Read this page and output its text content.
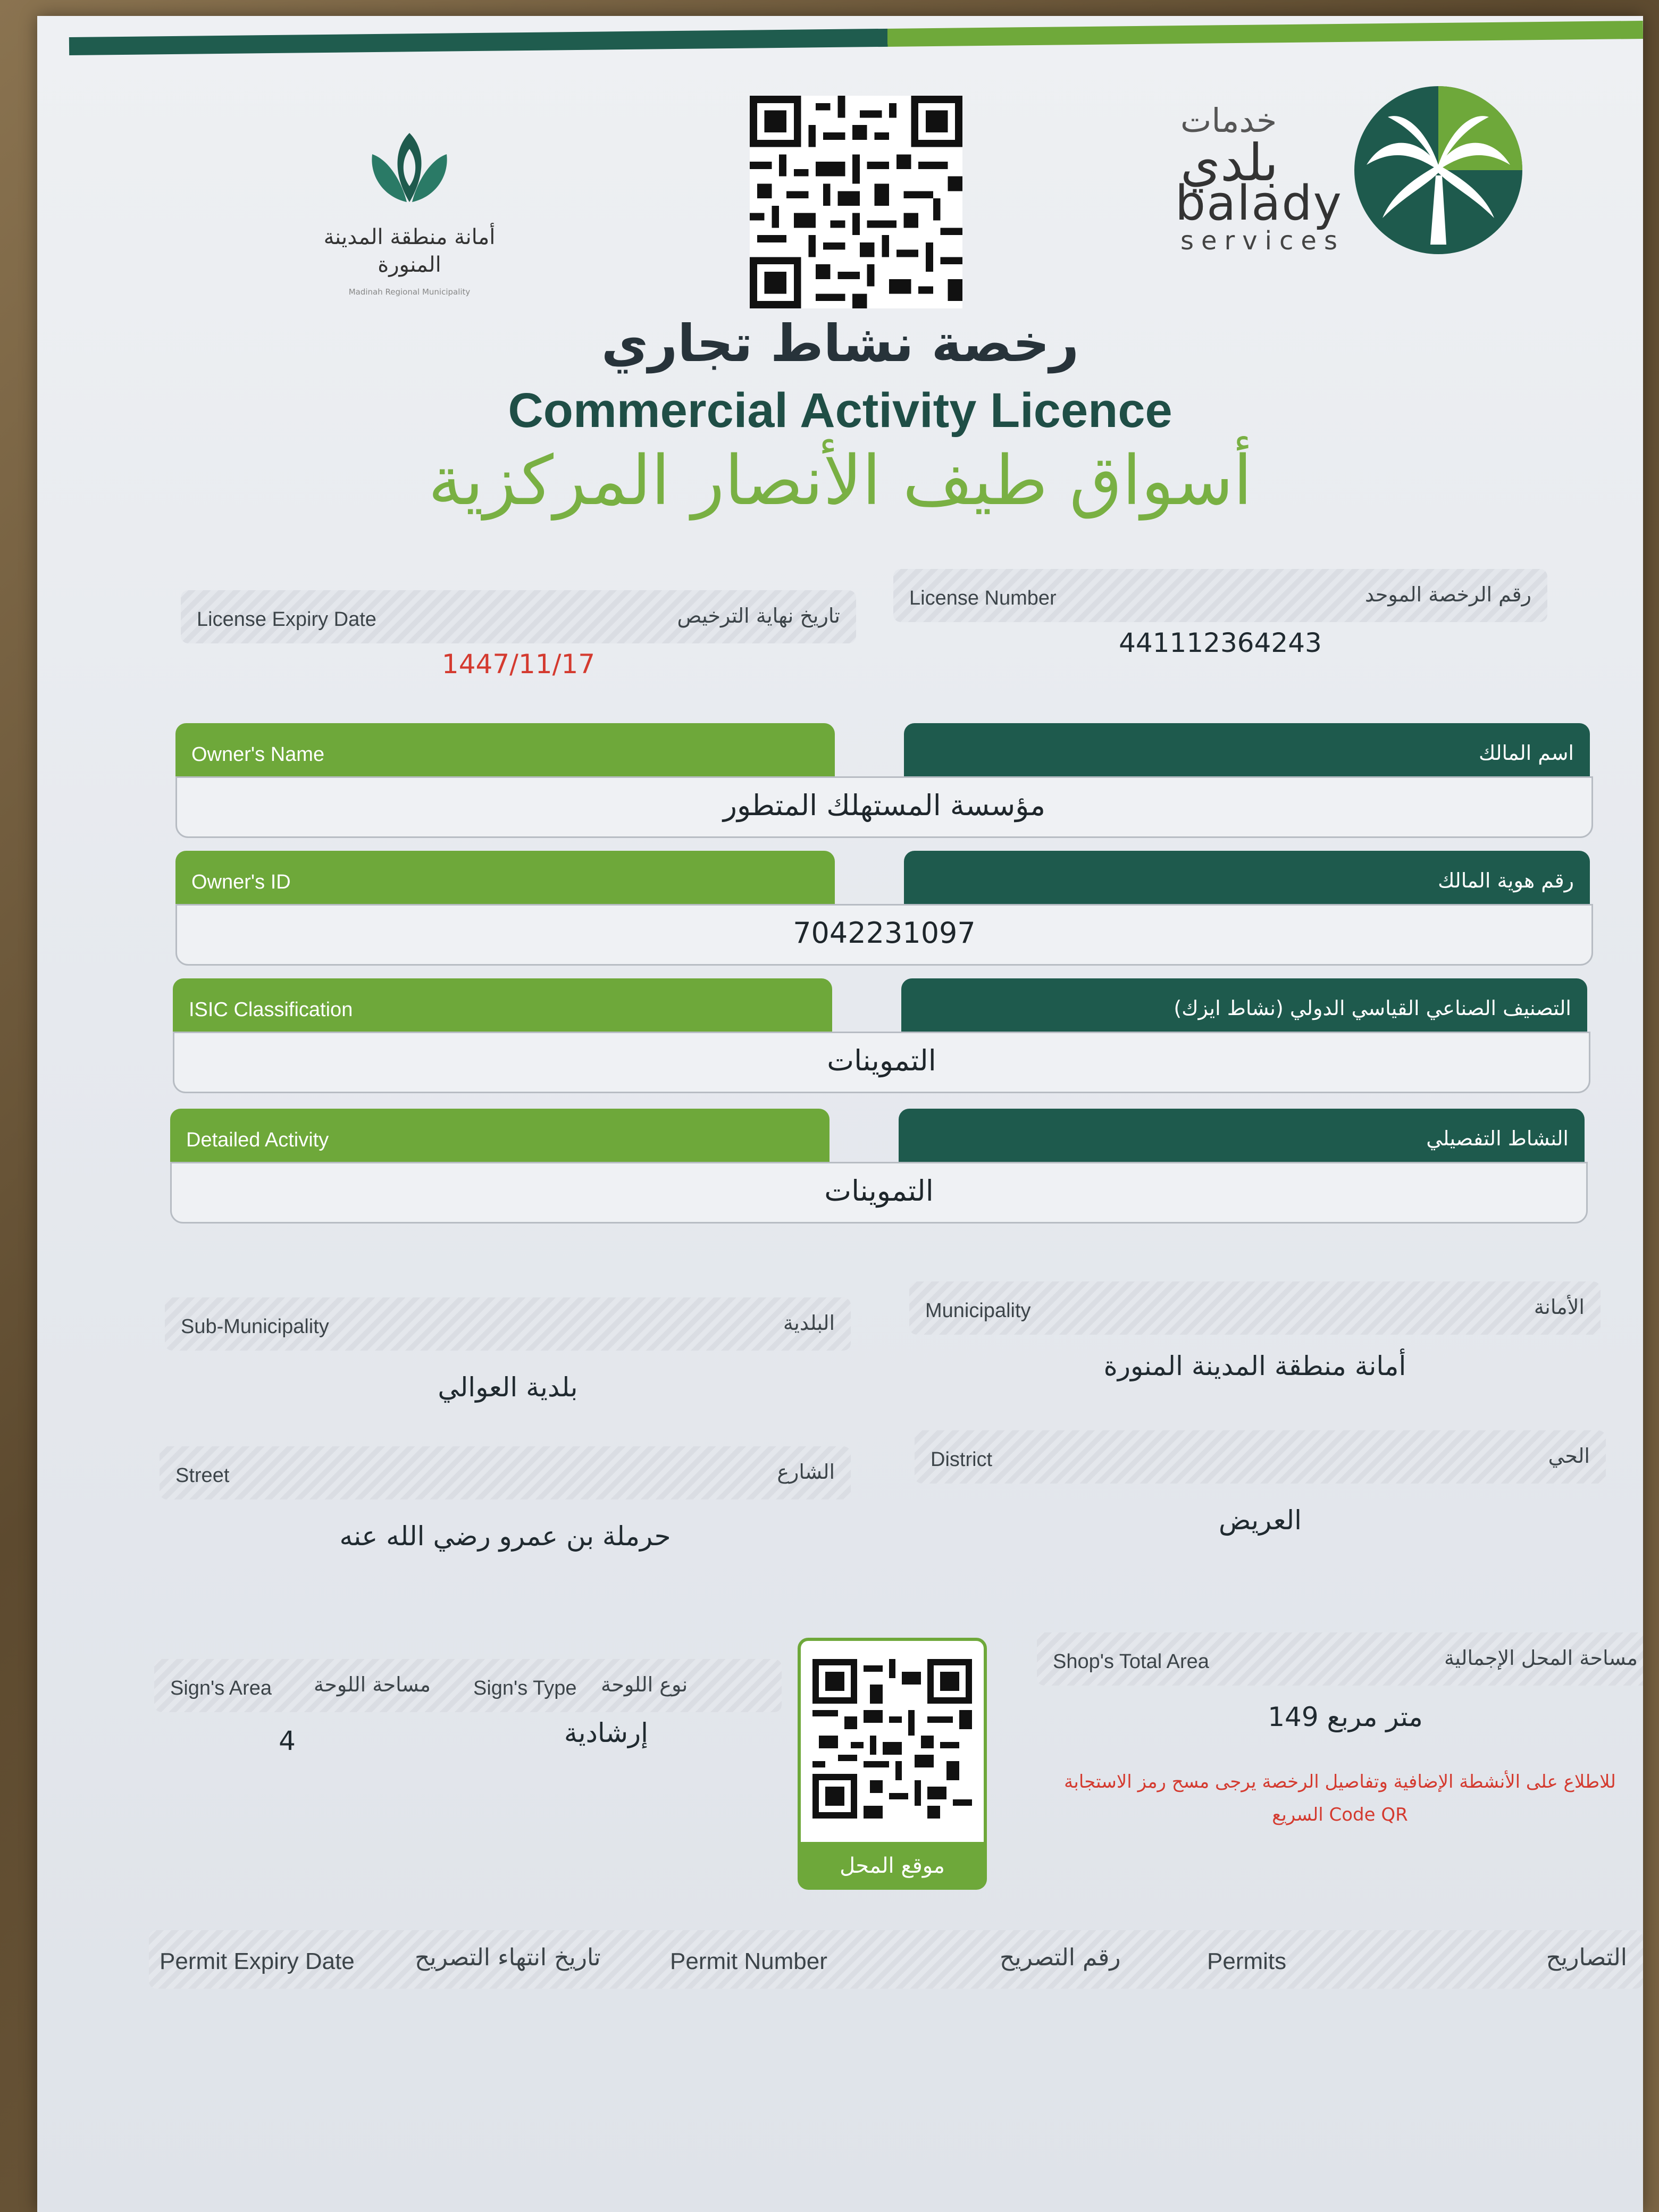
خدمات
بلدي
balady
services
أمانة منطقة المدينة المنورة
Madinah Regional Municipality
رخصة نشاط تجاري
Commercial Activity Licence
أسواق طيف الأنصار المركزية
License Expiry Date	تاريخ نهاية الترخيص
1447/11/17
License Number	رقم الرخصة الموحد
441112364243
Owner's Name	اسم المالك
مؤسسة المستهلك المتطور
Owner's ID	رقم هوية المالك
7042231097
ISIC Classification	التصنيف الصناعي القياسي الدولي (نشاط ايزك)
التموينات
Detailed Activity	النشاط التفصيلي
التموينات
Sub-Municipality	البلدية
بلدية العوالي
Municipality	الأمانة
أمانة منطقة المدينة المنورة
Street	الشارع
حرملة بن عمرو رضي الله عنه
District	الحي
العريض
Sign's Area مساحة اللوحة Sign's Type نوع اللوحة
4	إرشادية
موقع المحل
Shop's Total Area	مساحة المحل الإجمالية
149 متر مربع
للاطلاع على الأنشطة الإضافية وتفاصيل الرخصة يرجى مسح رمز الاستجابة
Code QR السريع
Permit Expiry Date	تاريخ انتهاء التصريح	Permit Number	رقم التصريح	Permits	التصاريح
